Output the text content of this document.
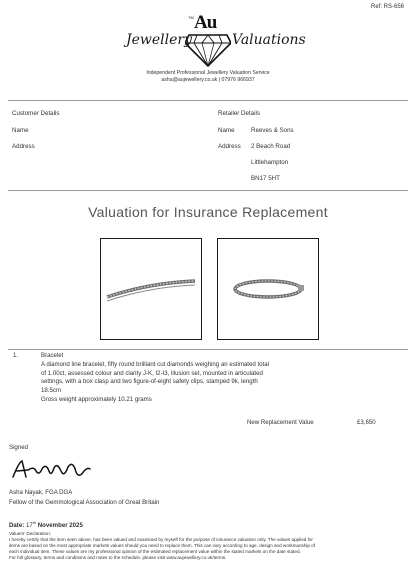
Ref: RS-656
Jewellery	Valuations
TM Au
Independent Professional Jewellery Valuation Service
asha@aujewellery.co.uk | 07976 966937
Customer Details
Name
Address
Retailer Details
Name	Reeves & Sons
Address 2 Beach Road
Littlehampton
BN17 5HT
Valuation for Insurance Replacement
1.	Bracelet
A diamond line bracelet, fifty round brilliant cut diamonds weighing an estimated total
of 1.00ct, assessed colour and clarity J-K, I2-I3, illusion set, mounted in articulated
settings, with a box clasp and two figure-of-eight safety clips, stamped 9k, length
18.5cm
Gross weight approximately 10.21 grams
New Replacement Value	£3,650
Signed
Asha Nayak, FGA DGA
Fellow of the Gemmological Association of Great Britain
Date: 17th November 2025
Valuers' Declaration:
I hereby certify that the item seen above, has been valued and examined by myself for the purpose of insurance valuation only. The values applied for
items are based on the most appropriate markets values should you need to replace them. This can vary according to age, design and workmanship of
each individual item. These values are my professional opinion of the estimated replacement value within the stated markets on the date stated.
For full glossary, terms and conditions and notes to the schedule, please visit www.aujewellery.co.uk/terms.
